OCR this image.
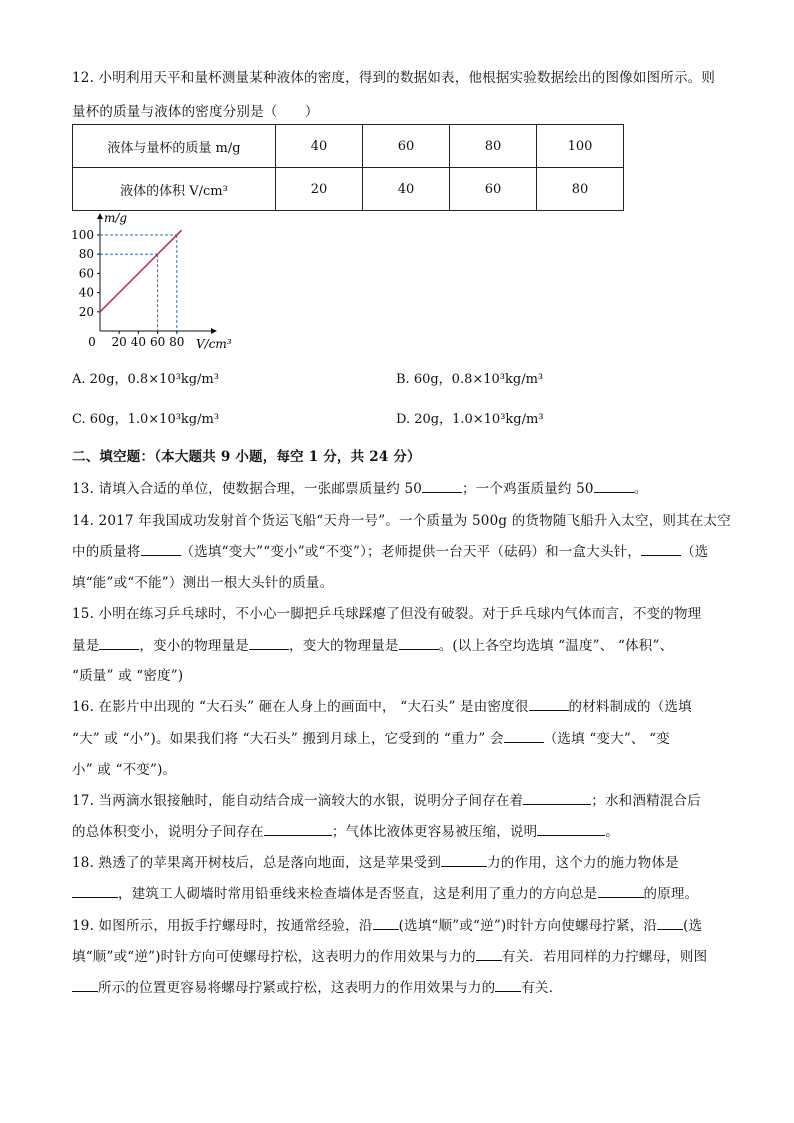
12. 小明利用天平和量杯测量某种液体的密度，得到的数据如表，他根据实验数据绘出的图像如图所示。则
量杯的质量与液体的密度分别是（　　）
液体与量杯的质量 m/g	40	60	80	100
液体的体积 V/cm³	20	40	60	80
m/g
V/cm³
20
40
60
80
100
0 20 40 60 80
A. 20g，0.8×10³kg/m³	B. 60g，0.8×10³kg/m³
C. 60g，1.0×10³kg/m³	D. 20g，1.0×10³kg/m³
二、填空题：（本大题共 9 小题，每空 1 分，共 24 分）
13. 请填入合适的单位，使数据合理，一张邮票质量约 50	；一个鸡蛋质量约 50	。
14. 2017 年我国成功发射首个货运飞船“天舟一号”。一个质量为 500g 的货物随飞船升入太空，则其在太空
中的质量将	（选填“变大”“变小”或“不变”）；老师提供一台天平（砝码）和一盒大头针，	（选
填“能”或“不能”）测出一根大头针的质量。
15. 小明在练习乒乓球时，不小心一脚把乒乓球踩瘪了但没有破裂。对于乒乓球内气体而言，不变的物理
量是	，变小的物理量是	，变大的物理量是	。(以上各空均选填 “温度”、 “体积”、
“质量” 或 “密度”)
16. 在影片中出现的 “大石头” 砸在人身上的画面中， “大石头” 是由密度很	的材料制成的（选填
“大” 或 “小”)。如果我们将 “大石头” 搬到月球上，它受到的 “重力” 会	（选填 “变大”、 “变
小” 或 “不变”)。
17. 当两滴水银接触时，能自动结合成一滴较大的水银，说明分子间存在着	；水和酒精混合后
的总体积变小，说明分子间存在	；气体比液体更容易被压缩，说明	。
18. 熟透了的苹果离开树枝后，总是落向地面，这是苹果受到	力的作用，这个力的施力物体是
，建筑工人砌墙时常用铅垂线来检查墙体是否竖直，这是利用了重力的方向总是	的原理。
19. 如图所示，用扳手拧螺母时，按通常经验，沿 (选填“顺”或“逆”)时针方向使螺母拧紧，沿 (选
填“顺”或“逆”)时针方向可使螺母拧松，这表明力的作用效果与力的 有关．若用同样的力拧螺母，则图
所示的位置更容易将螺母拧紧或拧松，这表明力的作用效果与力的 有关．
